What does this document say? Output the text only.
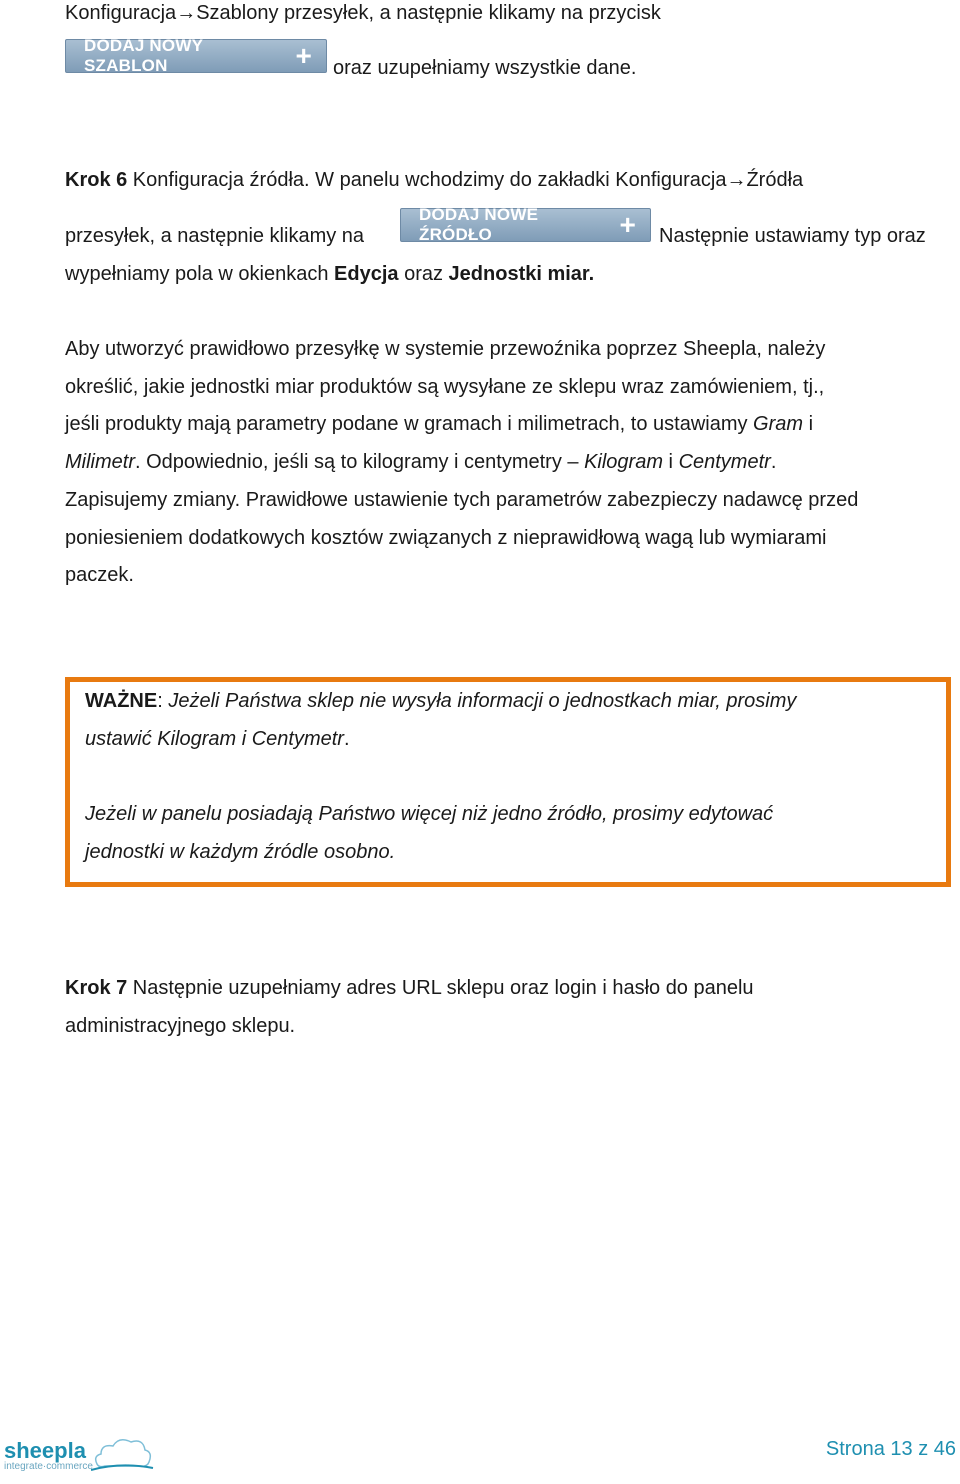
Konfiguracja→Szablony przesyłek, a następnie klikamy na przycisk
DODAJ NOWY SZABLON	+ oraz uzupełniamy wszystkie dane.
Krok 6 Konfiguracja źródła. W panelu wchodzimy do zakładki Konfiguracja→Źródła
przesyłek, a następnie klikamy na
DODAJ NOWE ŹRÓDŁO	+ Następnie ustawiamy typ oraz
wypełniamy pola w okienkach Edycja oraz Jednostki miar.
Aby utworzyć prawidłowo przesyłkę w systemie przewoźnika poprzez Sheepla, należy
określić, jakie jednostki miar produktów są wysyłane ze sklepu wraz zamówieniem, tj.,
jeśli produkty mają parametry podane w gramach i milimetrach, to ustawiamy Gram i
Milimetr. Odpowiednio, jeśli są to kilogramy i centymetry – Kilogram i Centymetr.
Zapisujemy zmiany. Prawidłowe ustawienie tych parametrów zabezpieczy nadawcę przed
poniesieniem dodatkowych kosztów związanych z nieprawidłową wagą lub wymiarami
paczek.
WAŻNE: Jeżeli Państwa sklep nie wysyła informacji o jednostkach miar, prosimy
ustawić Kilogram i Centymetr.
Jeżeli w panelu posiadają Państwo więcej niż jedno źródło, prosimy edytować
jednostki w każdym źródle osobno.
Krok 7 Następnie uzupełniamy adres URL sklepu oraz login i hasło do panelu
administracyjnego sklepu.
sheepla
integrate·commerce
Strona 13 z 46
